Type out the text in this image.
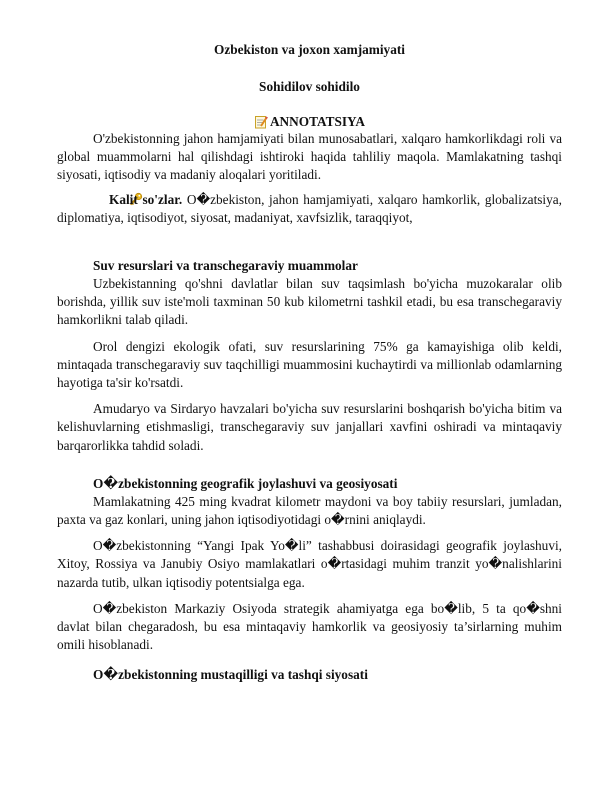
Ozbekiston va joxon xamjamiyati

Sohidilov sohidilo

ANNOTATSIYA

O'zbekistonning jahon hamjamiyati bilan munosabatlari, xalqaro hamkorlikdagi roli va global muammolarni hal qilishdagi ishtiroki haqida tahliliy maqola. Mamlakatning tashqi siyosati, iqtisodiy va madaniy aloqalari yoritiladi.

Kalit so'zlar. O�zbekiston, jahon hamjamiyati, xalqaro hamkorlik, globalizatsiya, diplomatiya, iqtisodiyot, siyosat, madaniyat, xavfsizlik, taraqqiyot,

Suv resurslari va transchegaraviy muammolar

Uzbekistanning qo'shni davlatlar bilan suv taqsimlash bo'yicha muzokaralar olib borishda, yillik suv iste'moli taxminan 50 kub kilometrni tashkil etadi, bu esa transchegaraviy hamkorlikni talab qiladi.

Orol dengizi ekologik ofati, suv resurslarining 75% ga kamayishiga olib keldi, mintaqada transchegaraviy suv taqchilligi muammosini kuchaytirdi va millionlab odamlarning hayotiga ta'sir ko'rsatdi.

Amudaryo va Sirdaryo havzalari bo'yicha suv resurslarini boshqarish bo'yicha bitim va kelishuvlarning etishmasligi, transchegaraviy suv janjallari xavfini oshiradi va mintaqaviy barqarorlikka tahdid soladi.

O�zbekistonning geografik joylashuvi va geosiyosati

Mamlakatning 425 ming kvadrat kilometr maydoni va boy tabiiy resurslari, jumladan, paxta va gaz konlari, uning jahon iqtisodiyotidagi o�rnini aniqlaydi.

O�zbekistonning “Yangi Ipak Yo�li” tashabbusi doirasidagi geografik joylashuvi, Xitoy, Rossiya va Janubiy Osiyo mamlakatlari o�rtasidagi muhim tranzit yo�nalishlarini nazarda tutib, ulkan iqtisodiy potentsialga ega.

O�zbekiston Markaziy Osiyoda strategik ahamiyatga ega bo�lib, 5 ta qo�shni davlat bilan chegaradosh, bu esa mintaqaviy hamkorlik va geosiyosiy ta’sirlarning muhim omili hisoblanadi.

O�zbekistonning mustaqilligi va tashqi siyosati
